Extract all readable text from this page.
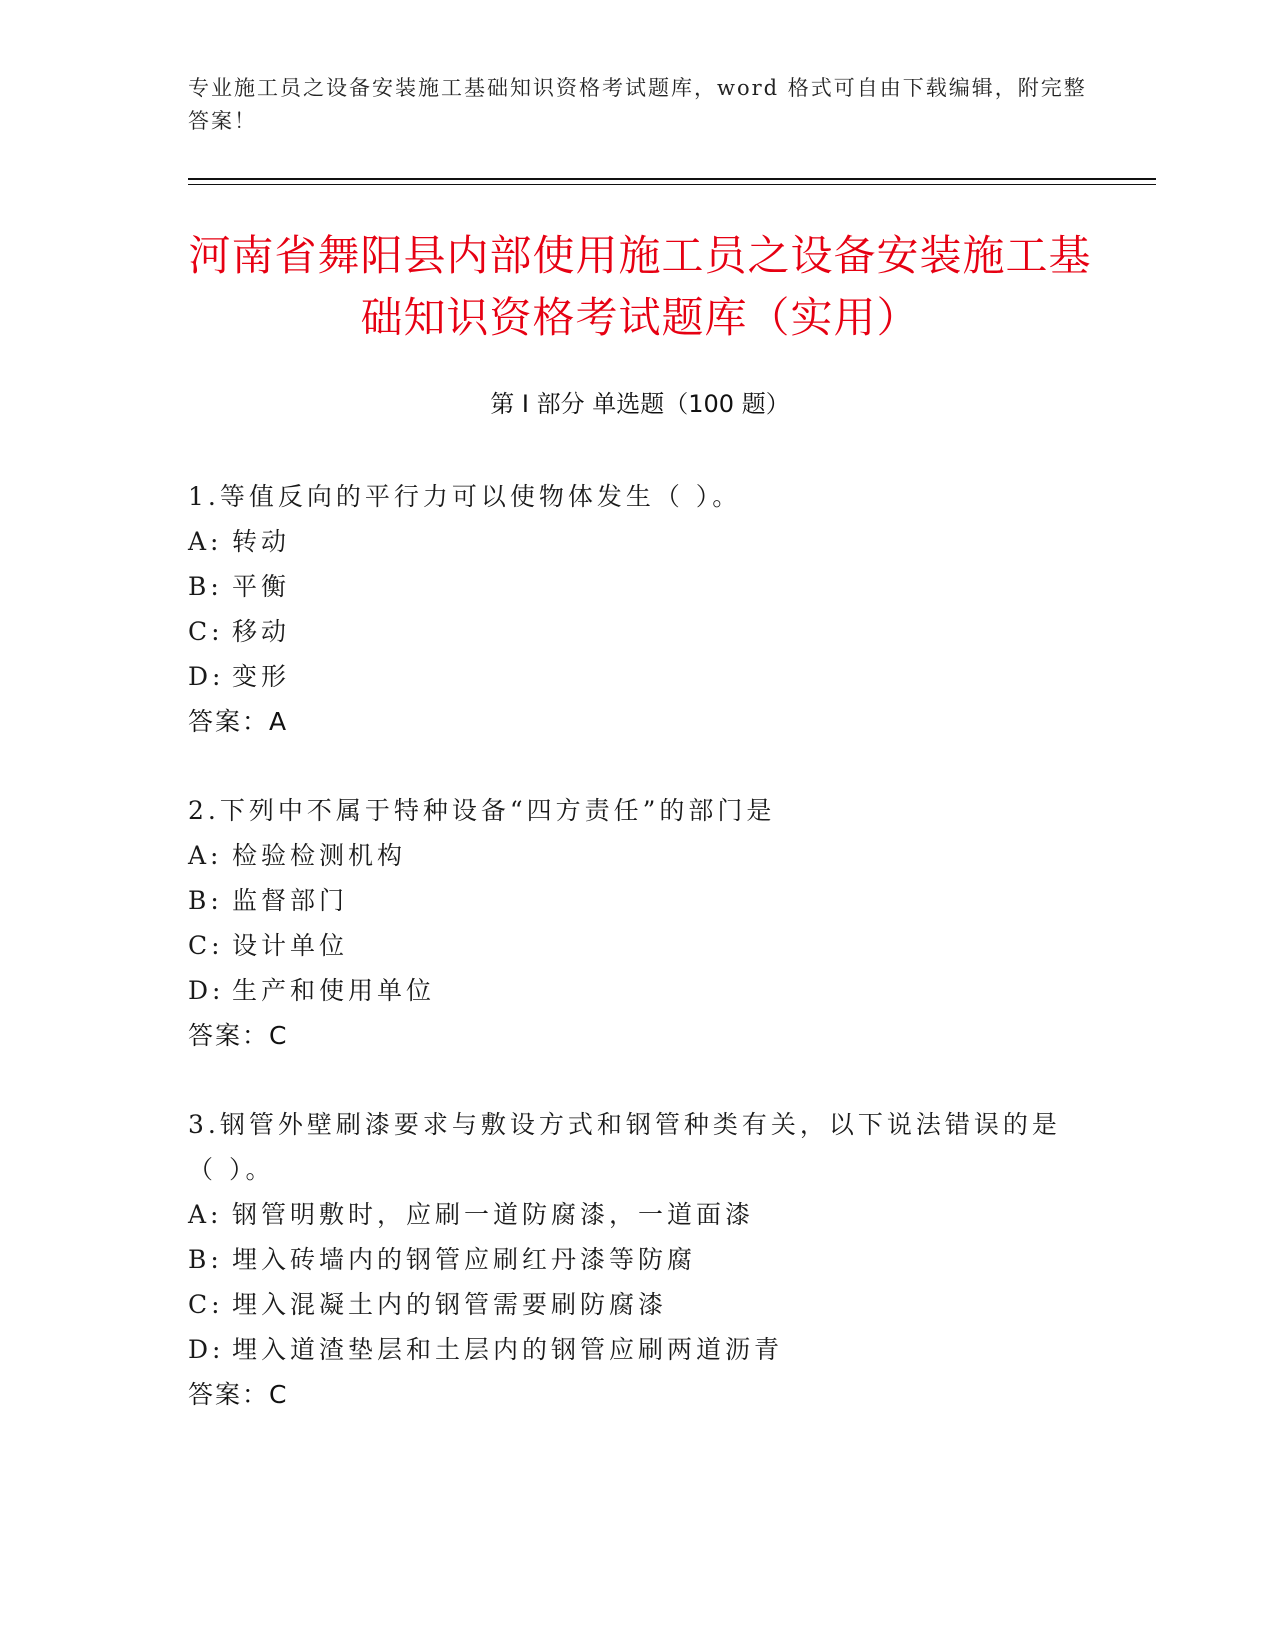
专业施工员之设备安装施工基础知识资格考试题库，word 格式可自由下载编辑，附完整答案！
河南省舞阳县内部使用施工员之设备安装施工基础知识资格考试题库（实用）
第 I 部分 单选题（100 题）
1.等值反向的平行力可以使物体发生（ ）。
A: 转动
B: 平衡
C: 移动
D: 变形
答案：A
2.下列中不属于特种设备“四方责任”的部门是
A: 检验检测机构
B: 监督部门
C: 设计单位
D: 生产和使用单位
答案：C
3.钢管外壁刷漆要求与敷设方式和钢管种类有关，以下说法错误的是（ ）。
A: 钢管明敷时，应刷一道防腐漆，一道面漆
B: 埋入砖墙内的钢管应刷红丹漆等防腐
C: 埋入混凝土内的钢管需要刷防腐漆
D: 埋入道渣垫层和土层内的钢管应刷两道沥青
答案：C
